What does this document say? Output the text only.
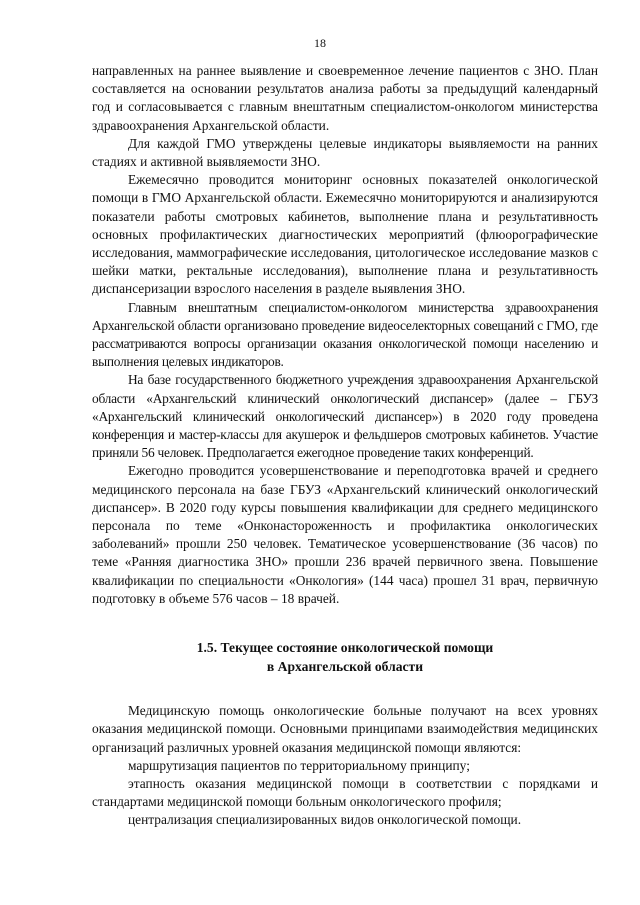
18

направленных на раннее выявление и своевременное лечение пациентов с ЗНО. План составляется на основании результатов анализа работы за предыдущий календарный год и согласовывается с главным внештатным специалистом-онкологом министерства здравоохранения Архангельской области.

Для каждой ГМО утверждены целевые индикаторы выявляемости на ранних стадиях и активной выявляемости ЗНО.

Ежемесячно проводится мониторинг основных показателей онкологической помощи в ГМО Архангельской области. Ежемесячно мониторируются и анализируются показатели работы смотровых кабинетов, выполнение плана и результативность основных профилактических диагностических мероприятий (флюорографические исследования, маммографические исследования, цитологическое исследование мазков с шейки матки, ректальные исследования), выполнение плана и результативность диспансеризации взрослого населения в разделе выявления ЗНО.

Главным внештатным специалистом-онкологом министерства здравоохранения Архангельской области организовано проведение видеоселекторных совещаний с ГМО, где рассматриваются вопросы организации оказания онкологической помощи населению и выполнения целевых индикаторов.

На базе государственного бюджетного учреждения здравоохранения Архангельской области «Архангельский клинический онкологический диспансер» (далее – ГБУЗ «Архангельский клинический онкологический диспансер») в 2020 году проведена конференция и мастер-классы для акушерок и фельдшеров смотровых кабинетов. Участие приняли 56 человек. Предполагается ежегодное проведение таких конференций.

Ежегодно проводится усовершенствование и переподготовка врачей и среднего медицинского персонала на базе ГБУЗ «Архангельский клинический онкологический диспансер». В 2020 году курсы повышения квалификации для среднего медицинского персонала по теме «Онконастороженность и профилактика онкологических заболеваний» прошли 250 человек. Тематическое усовершенствование (36 часов) по теме «Ранняя диагностика ЗНО» прошли 236 врачей первичного звена. Повышение квалификации по специальности «Онкология» (144 часа) прошел 31 врач, первичную подготовку в объеме 576 часов – 18 врачей.

1.5. Текущее состояние онкологической помощи
в Архангельской области

Медицинскую помощь онкологические больные получают на всех уровнях оказания медицинской помощи. Основными принципами взаимодействия медицинских организаций различных уровней оказания медицинской помощи являются:

маршрутизация пациентов по территориальному принципу;

этапность оказания медицинской помощи в соответствии с порядками и стандартами медицинской помощи больным онкологического профиля;

централизация специализированных видов онкологической помощи.
